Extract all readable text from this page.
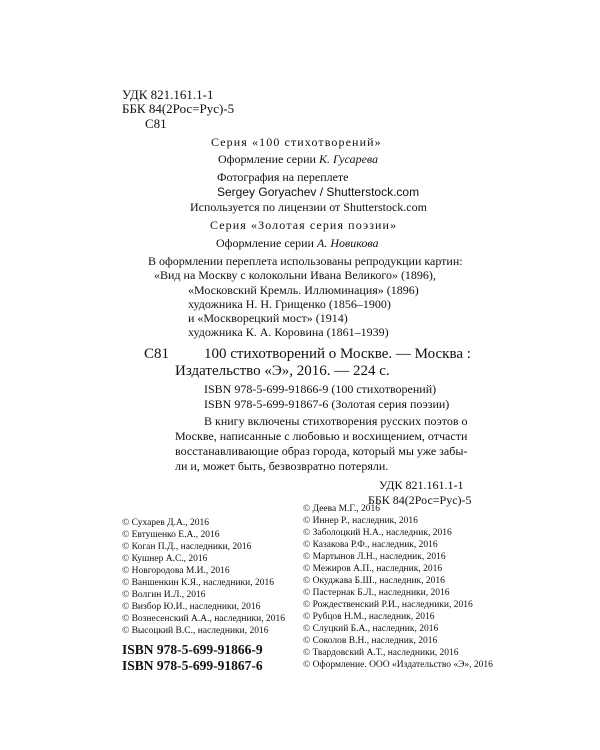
УДК 821.161.1-1
ББК 84(2Рос=Рус)-5
С81
Серия «100 стихотворений»
Оформление серии К. Гусарева
Фотография на переплете
Sergey Goryachev / Shutterstock.com
Используется по лицензии от Shutterstock.com
Серия «Золотая серия поэзии»
Оформление серии А. Новикова
В оформлении переплета использованы репродукции картин:
«Вид на Москву с колокольни Ивана Великого» (1896),
«Московский Кремль. Иллюминация» (1896)
художника Н. Н. Грищенко (1856–1900)
и «Москворецкий мост» (1914)
художника К. А. Коровина (1861–1939)
С81 100 стихотворений о Москве. — Москва :
Издательство «Э», 2016. — 224 с.
ISBN 978-5-699-91866-9 (100 стихотворений)
ISBN 978-5-699-91867-6 (Золотая серия поэзии)
В книгу включены стихотворения русских поэтов о
Москве, написанные с любовью и восхищением, отчасти
восстанавливающие образ города, который мы уже забы-
ли и, может быть, безвозвратно потеряли.
УДК 821.161.1-1
ББК 84(2Рос=Рус)-5
© Сухарев Д.А., 2016
© Евтушенко Е.А., 2016
© Коган П.Д., наследники, 2016
© Кушнер А.С., 2016
© Новгородова М.И., 2016
© Ваншенкин К.Я., наследники, 2016
© Волгин И.Л., 2016
© Визбор Ю.И., наследники, 2016
© Вознесенский А.А., наследники, 2016
© Высоцкий В.С., наследники, 2016
© Деева М.Г., 2016
© Иннер Р., наследник, 2016
© Заболоцкий Н.А., наследник, 2016
© Казакова Р.Ф., наследник, 2016
© Мартынов Л.Н., наследник, 2016
© Межиров А.П., наследник, 2016
© Окуджава Б.Ш., наследник, 2016
© Пастернак Б.Л., наследники, 2016
© Рождественский Р.И., наследники, 2016
© Рубцов Н.М., наследник, 2016
© Слуцкий Б.А., наследник, 2016
© Соколов В.Н., наследник, 2016
© Твардовский А.Т., наследники, 2016
© Оформление. ООО «Издательство «Э», 2016
ISBN 978-5-699-91866-9
ISBN 978-5-699-91867-6
